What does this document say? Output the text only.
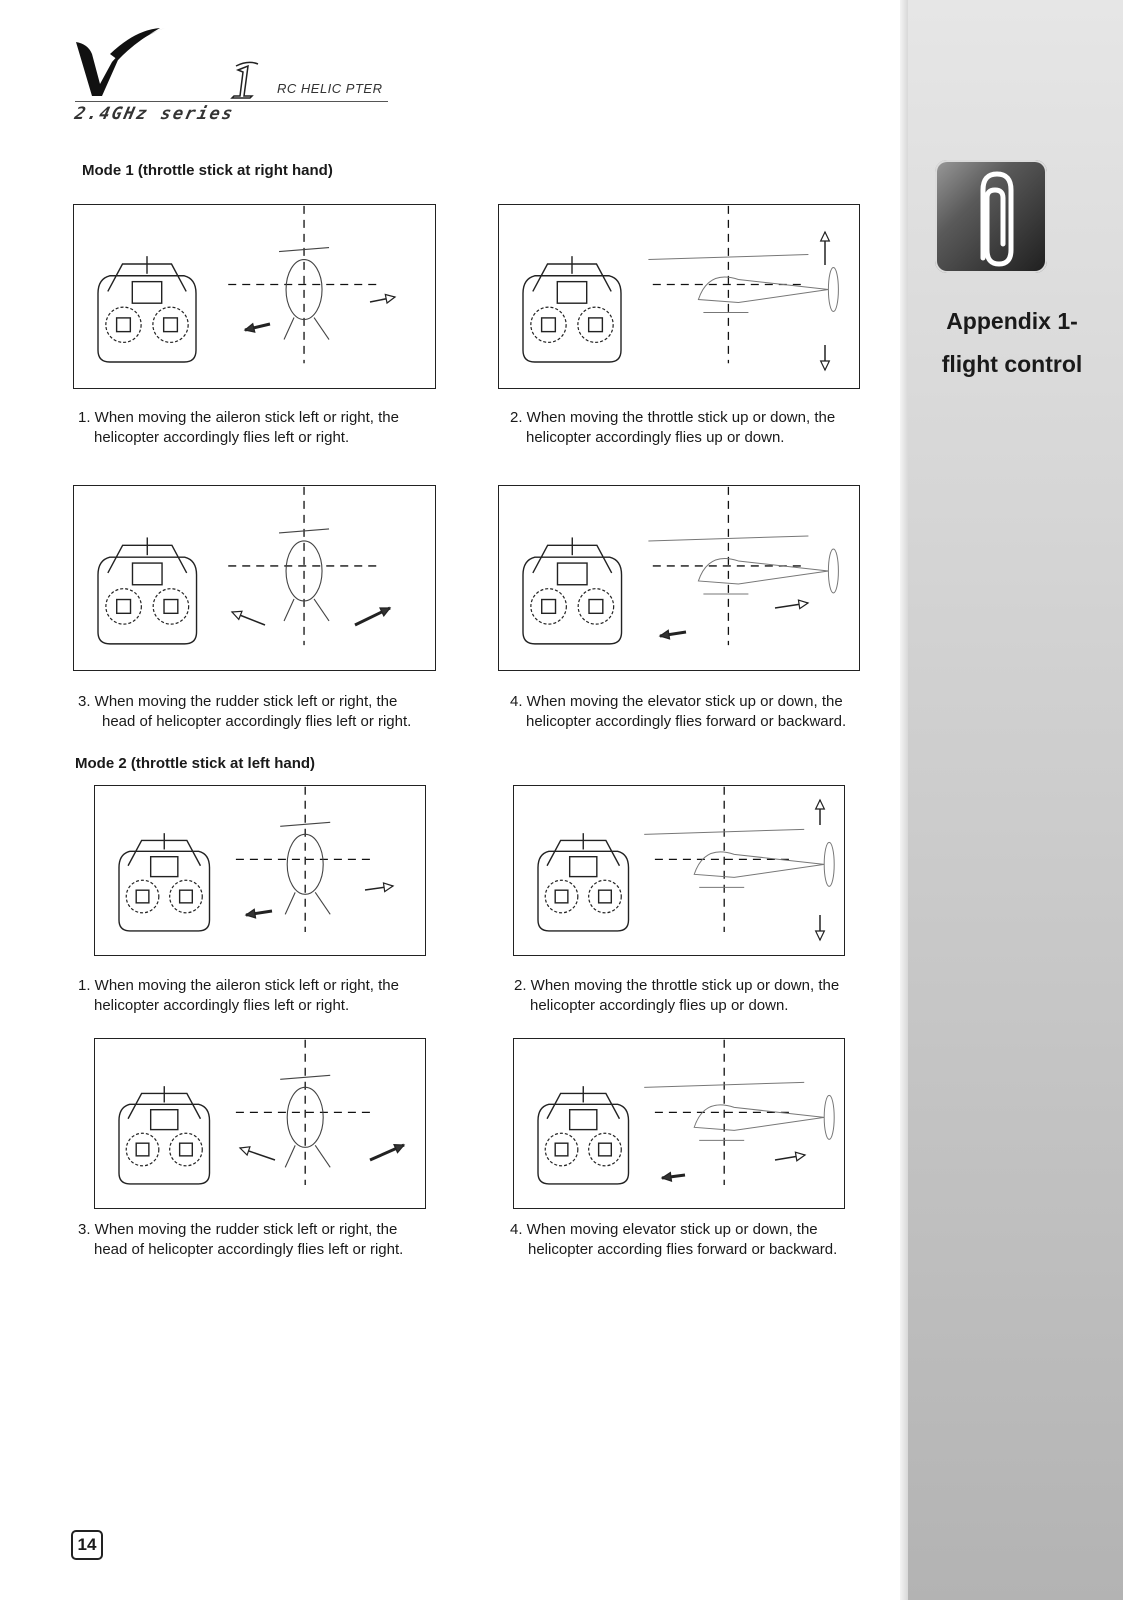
Appendix 1-
flight control
RC HELIC PTER
2.4GHz series
Mode 1 (throttle stick at right hand)
1. When moving the aileron stick left or right, the
helicopter accordingly flies left or right.
2. When moving the throttle stick up or down, the
helicopter accordingly flies up or down.
3. When moving the rudder stick left or right, the
head of helicopter accordingly flies left or right.
4. When moving the elevator stick up or down, the
helicopter accordingly flies forward or backward.
Mode 2 (throttle stick at left hand)
1. When moving the aileron stick left or right, the
helicopter accordingly flies left or right.
2. When moving the throttle stick up or down, the
helicopter accordingly flies up or down.
3. When moving the rudder stick left or right, the
head of helicopter accordingly flies left or right.
4. When moving elevator stick up or down, the
helicopter according flies forward or backward.
14
